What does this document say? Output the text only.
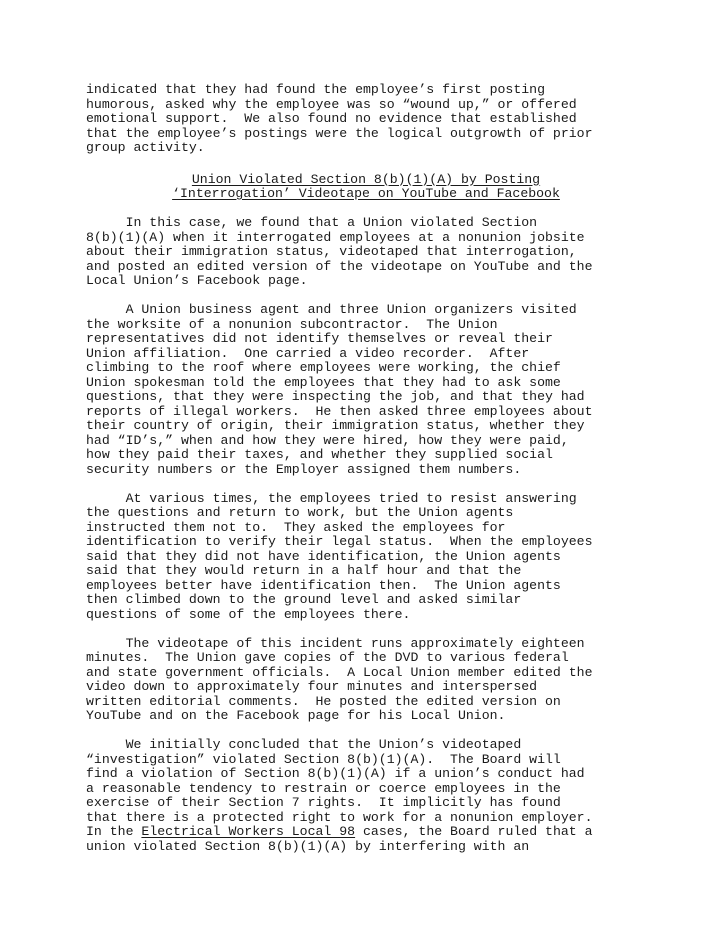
indicated that they had found the employee’s first posting
humorous, asked why the employee was so “wound up,” or offered
emotional support.  We also found no evidence that established
that the employee’s postings were the logical outgrowth of prior
group activity.

Union Violated Section 8(b)(1)(A) by Posting
‘Interrogation’ Videotape on YouTube and Facebook

In this case, we found that a Union violated Section
8(b)(1)(A) when it interrogated employees at a nonunion jobsite
about their immigration status, videotaped that interrogation,
and posted an edited version of the videotape on YouTube and the
Local Union’s Facebook page.

A Union business agent and three Union organizers visited
the worksite of a nonunion subcontractor.  The Union
representatives did not identify themselves or reveal their
Union affiliation.  One carried a video recorder.  After
climbing to the roof where employees were working, the chief
Union spokesman told the employees that they had to ask some
questions, that they were inspecting the job, and that they had
reports of illegal workers.  He then asked three employees about
their country of origin, their immigration status, whether they
had “ID’s,” when and how they were hired, how they were paid,
how they paid their taxes, and whether they supplied social
security numbers or the Employer assigned them numbers.

At various times, the employees tried to resist answering
the questions and return to work, but the Union agents
instructed them not to.  They asked the employees for
identification to verify their legal status.  When the employees
said that they did not have identification, the Union agents
said that they would return in a half hour and that the
employees better have identification then.  The Union agents
then climbed down to the ground level and asked similar
questions of some of the employees there.

The videotape of this incident runs approximately eighteen
minutes.  The Union gave copies of the DVD to various federal
and state government officials.  A Local Union member edited the
video down to approximately four minutes and interspersed
written editorial comments.  He posted the edited version on
YouTube and on the Facebook page for his Local Union.

We initially concluded that the Union’s videotaped
“investigation” violated Section 8(b)(1)(A).  The Board will
find a violation of Section 8(b)(1)(A) if a union’s conduct had
a reasonable tendency to restrain or coerce employees in the
exercise of their Section 7 rights.  It implicitly has found
that there is a protected right to work for a nonunion employer.
In the Electrical Workers Local 98 cases, the Board ruled that a
union violated Section 8(b)(1)(A) by interfering with an
